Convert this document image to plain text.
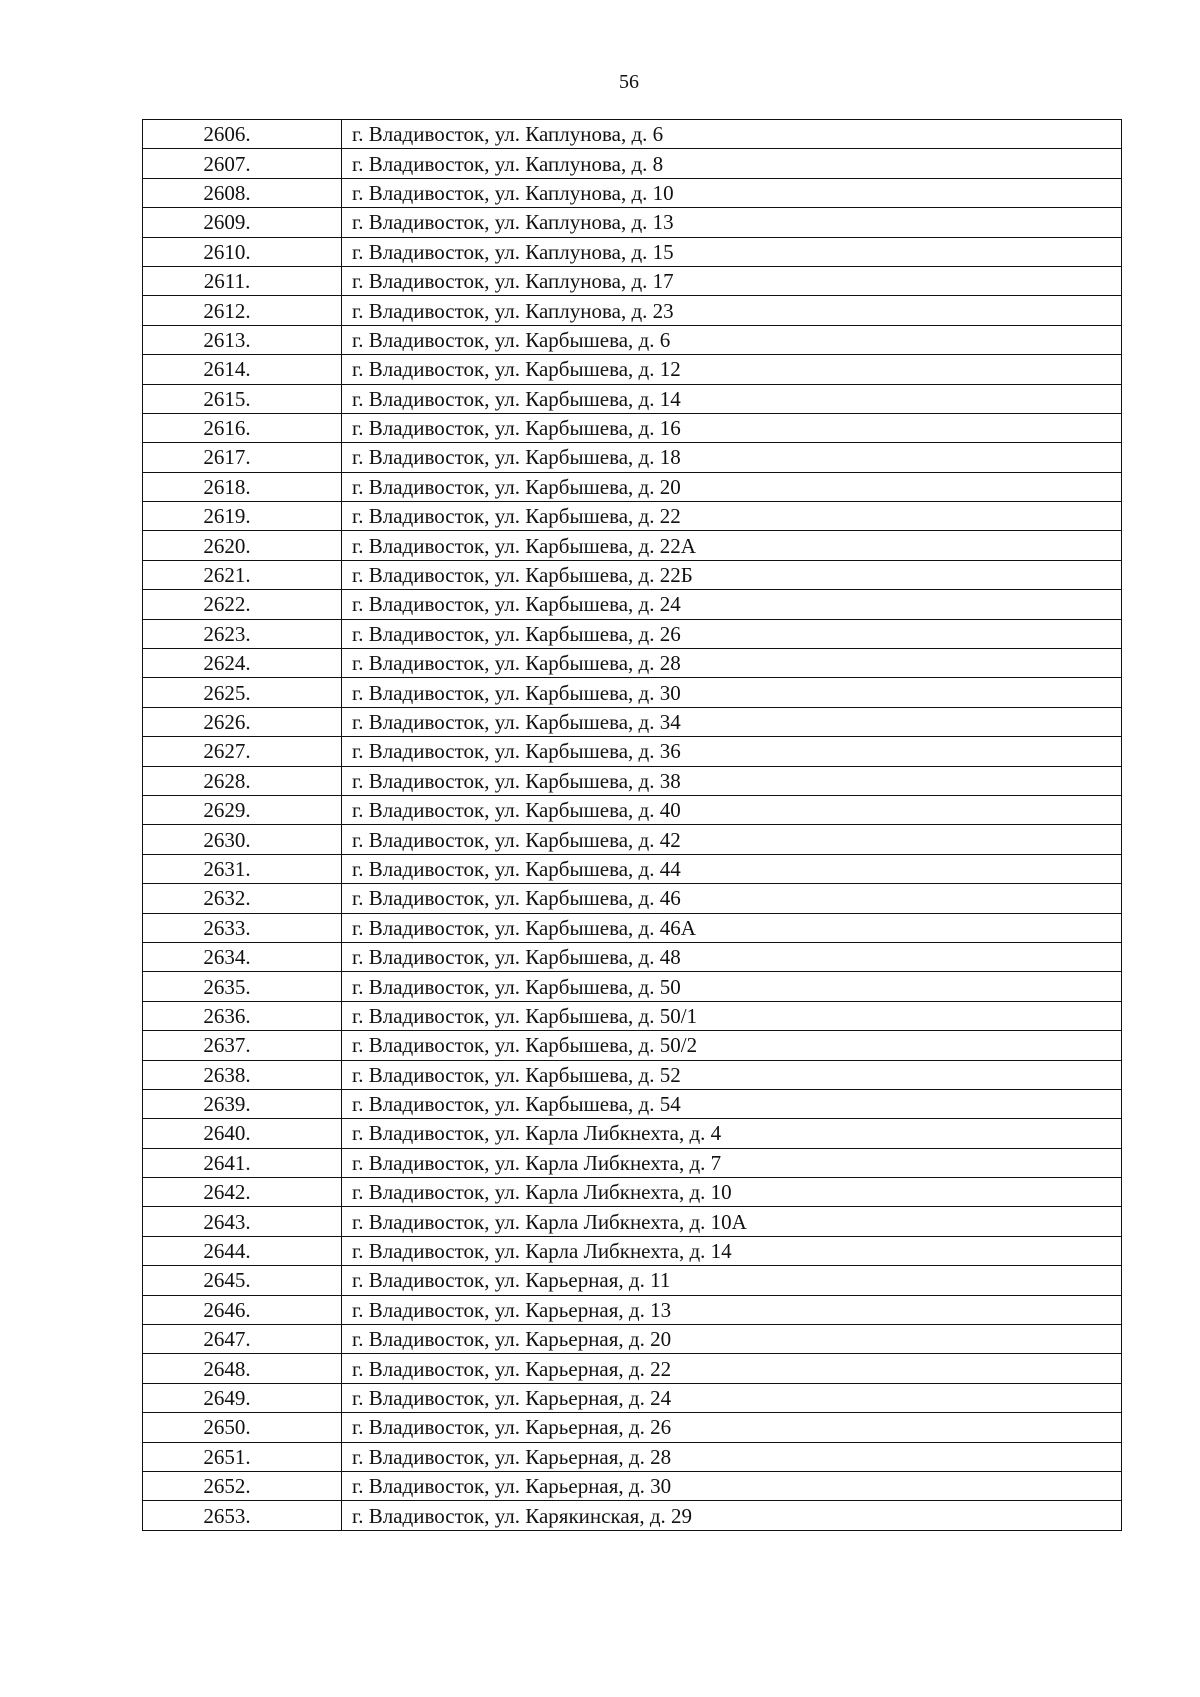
56
2606.	г. Владивосток, ул. Каплунова, д. 6
2607.	г. Владивосток, ул. Каплунова, д. 8
2608.	г. Владивосток, ул. Каплунова, д. 10
2609.	г. Владивосток, ул. Каплунова, д. 13
2610.	г. Владивосток, ул. Каплунова, д. 15
2611.	г. Владивосток, ул. Каплунова, д. 17
2612.	г. Владивосток, ул. Каплунова, д. 23
2613.	г. Владивосток, ул. Карбышева, д. 6
2614.	г. Владивосток, ул. Карбышева, д. 12
2615.	г. Владивосток, ул. Карбышева, д. 14
2616.	г. Владивосток, ул. Карбышева, д. 16
2617.	г. Владивосток, ул. Карбышева, д. 18
2618.	г. Владивосток, ул. Карбышева, д. 20
2619.	г. Владивосток, ул. Карбышева, д. 22
2620.	г. Владивосток, ул. Карбышева, д. 22А
2621.	г. Владивосток, ул. Карбышева, д. 22Б
2622.	г. Владивосток, ул. Карбышева, д. 24
2623.	г. Владивосток, ул. Карбышева, д. 26
2624.	г. Владивосток, ул. Карбышева, д. 28
2625.	г. Владивосток, ул. Карбышева, д. 30
2626.	г. Владивосток, ул. Карбышева, д. 34
2627.	г. Владивосток, ул. Карбышева, д. 36
2628.	г. Владивосток, ул. Карбышева, д. 38
2629.	г. Владивосток, ул. Карбышева, д. 40
2630.	г. Владивосток, ул. Карбышева, д. 42
2631.	г. Владивосток, ул. Карбышева, д. 44
2632.	г. Владивосток, ул. Карбышева, д. 46
2633.	г. Владивосток, ул. Карбышева, д. 46А
2634.	г. Владивосток, ул. Карбышева, д. 48
2635.	г. Владивосток, ул. Карбышева, д. 50
2636.	г. Владивосток, ул. Карбышева, д. 50/1
2637.	г. Владивосток, ул. Карбышева, д. 50/2
2638.	г. Владивосток, ул. Карбышева, д. 52
2639.	г. Владивосток, ул. Карбышева, д. 54
2640.	г. Владивосток, ул. Карла Либкнехта, д. 4
2641.	г. Владивосток, ул. Карла Либкнехта, д. 7
2642.	г. Владивосток, ул. Карла Либкнехта, д. 10
2643.	г. Владивосток, ул. Карла Либкнехта, д. 10А
2644.	г. Владивосток, ул. Карла Либкнехта, д. 14
2645.	г. Владивосток, ул. Карьерная, д. 11
2646.	г. Владивосток, ул. Карьерная, д. 13
2647.	г. Владивосток, ул. Карьерная, д. 20
2648.	г. Владивосток, ул. Карьерная, д. 22
2649.	г. Владивосток, ул. Карьерная, д. 24
2650.	г. Владивосток, ул. Карьерная, д. 26
2651.	г. Владивосток, ул. Карьерная, д. 28
2652.	г. Владивосток, ул. Карьерная, д. 30
2653.	г. Владивосток, ул. Карякинская, д. 29
